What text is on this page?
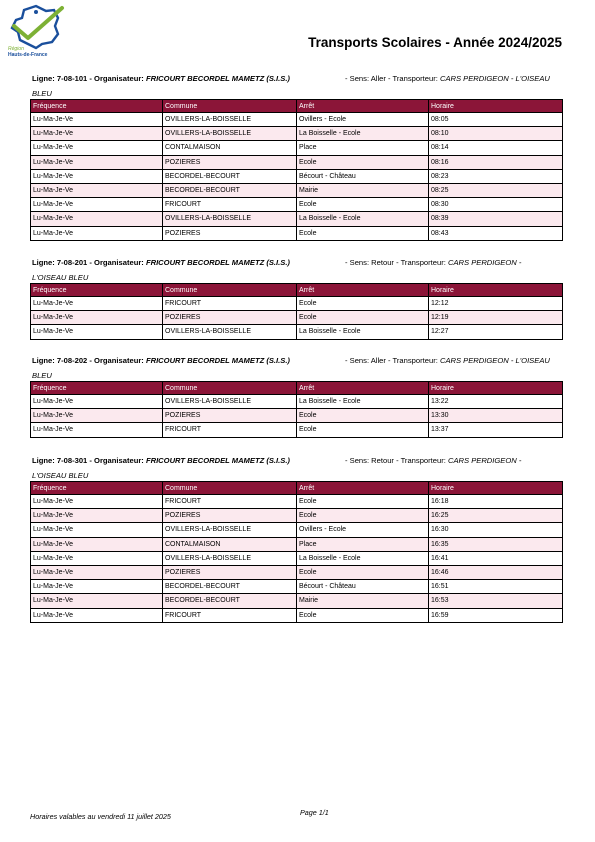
Région
Hauts-de-France
Transports Scolaires - Année 2024/2025
Ligne: 7-08-101 - Organisateur: FRICOURT BECORDEL MAMETZ (S.I.S.)	- Sens: Aller - Transporteur: CARS PERDIGEON - L'OISEAU
BLEU
Fréquence	Commune	Arrêt	Horaire
Lu-Ma-Je-Ve	OVILLERS-LA-BOISSELLE	Ovillers - Ecole	08:05
Lu-Ma-Je-Ve	OVILLERS-LA-BOISSELLE	La Boisselle - Ecole	08:10
Lu-Ma-Je-Ve	CONTALMAISON	Place	08:14
Lu-Ma-Je-Ve	POZIERES	Ecole	08:16
Lu-Ma-Je-Ve	BECORDEL-BECOURT	Bécourt - Château	08:23
Lu-Ma-Je-Ve	BECORDEL-BECOURT	Mairie	08:25
Lu-Ma-Je-Ve	FRICOURT	Ecole	08:30
Lu-Ma-Je-Ve	OVILLERS-LA-BOISSELLE	La Boisselle - Ecole	08:39
Lu-Ma-Je-Ve	POZIERES	Ecole	08:43
Ligne: 7-08-201 - Organisateur: FRICOURT BECORDEL MAMETZ (S.I.S.)	- Sens: Retour - Transporteur: CARS PERDIGEON -
L'OISEAU BLEU
Fréquence	Commune	Arrêt	Horaire
Lu-Ma-Je-Ve	FRICOURT	Ecole	12:12
Lu-Ma-Je-Ve	POZIERES	Ecole	12:19
Lu-Ma-Je-Ve	OVILLERS-LA-BOISSELLE	La Boisselle - Ecole	12:27
Ligne: 7-08-202 - Organisateur: FRICOURT BECORDEL MAMETZ (S.I.S.)	- Sens: Aller - Transporteur: CARS PERDIGEON - L'OISEAU
BLEU
Fréquence	Commune	Arrêt	Horaire
Lu-Ma-Je-Ve	OVILLERS-LA-BOISSELLE	La Boisselle - Ecole	13:22
Lu-Ma-Je-Ve	POZIERES	Ecole	13:30
Lu-Ma-Je-Ve	FRICOURT	Ecole	13:37
Ligne: 7-08-301 - Organisateur: FRICOURT BECORDEL MAMETZ (S.I.S.)	- Sens: Retour - Transporteur: CARS PERDIGEON -
L'OISEAU BLEU
Fréquence	Commune	Arrêt	Horaire
Lu-Ma-Je-Ve	FRICOURT	Ecole	16:18
Lu-Ma-Je-Ve	POZIERES	Ecole	16:25
Lu-Ma-Je-Ve	OVILLERS-LA-BOISSELLE	Ovillers - Ecole	16:30
Lu-Ma-Je-Ve	CONTALMAISON	Place	16:35
Lu-Ma-Je-Ve	OVILLERS-LA-BOISSELLE	La Boisselle - Ecole	16:41
Lu-Ma-Je-Ve	POZIERES	Ecole	16:46
Lu-Ma-Je-Ve	BECORDEL-BECOURT	Bécourt - Château	16:51
Lu-Ma-Je-Ve	BECORDEL-BECOURT	Mairie	16:53
Lu-Ma-Je-Ve	FRICOURT	Ecole	16:59
Horaires valables au vendredi 11 juillet 2025	Page 1/1
